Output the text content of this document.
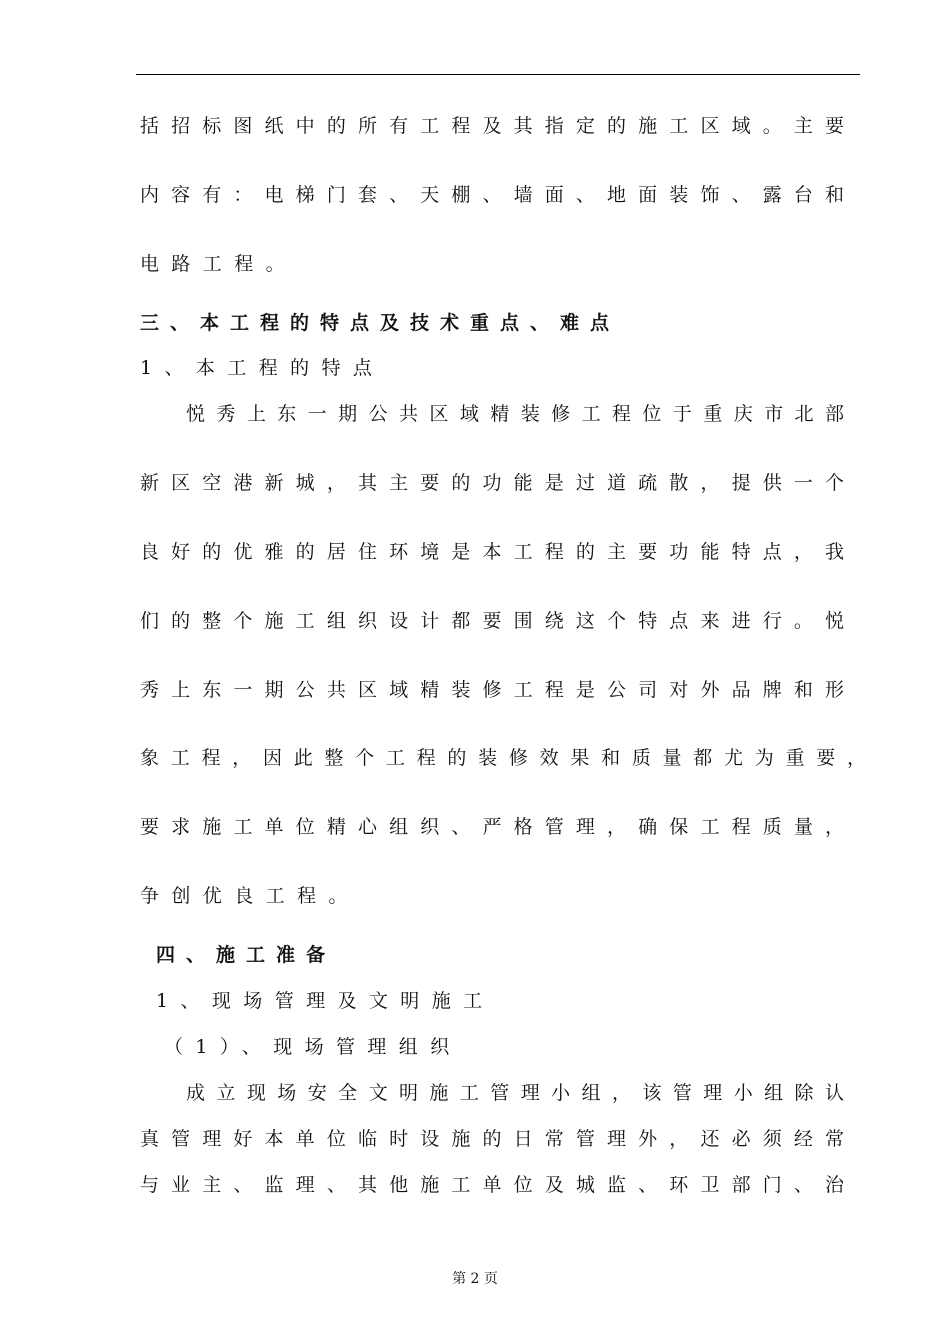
括招标图纸中的所有工程及其指定的施工区域。主要
内容有：电梯门套、天棚、墙面、地面装饰、露台和
电路工程。
三、本工程的特点及技术重点、难点
1、本工程的特点
悦秀上东一期公共区域精装修工程位于重庆市北部
新区空港新城，其主要的功能是过道疏散，提供一个
良好的优雅的居住环境是本工程的主要功能特点，我
们的整个施工组织设计都要围绕这个特点来进行。悦
秀上东一期公共区域精装修工程是公司对外品牌和形
象工程，因此整个工程的装修效果和质量都尤为重要，
要求施工单位精心组织、严格管理，确保工程质量，
争创优良工程。
四、施工准备
1、现场管理及文明施工
（1）、现场管理组织
成立现场安全文明施工管理小组，该管理小组除认
真管理好本单位临时设施的日常管理外，还必须经常
与业主、监理、其他施工单位及城监、环卫部门、治
第 2 页
